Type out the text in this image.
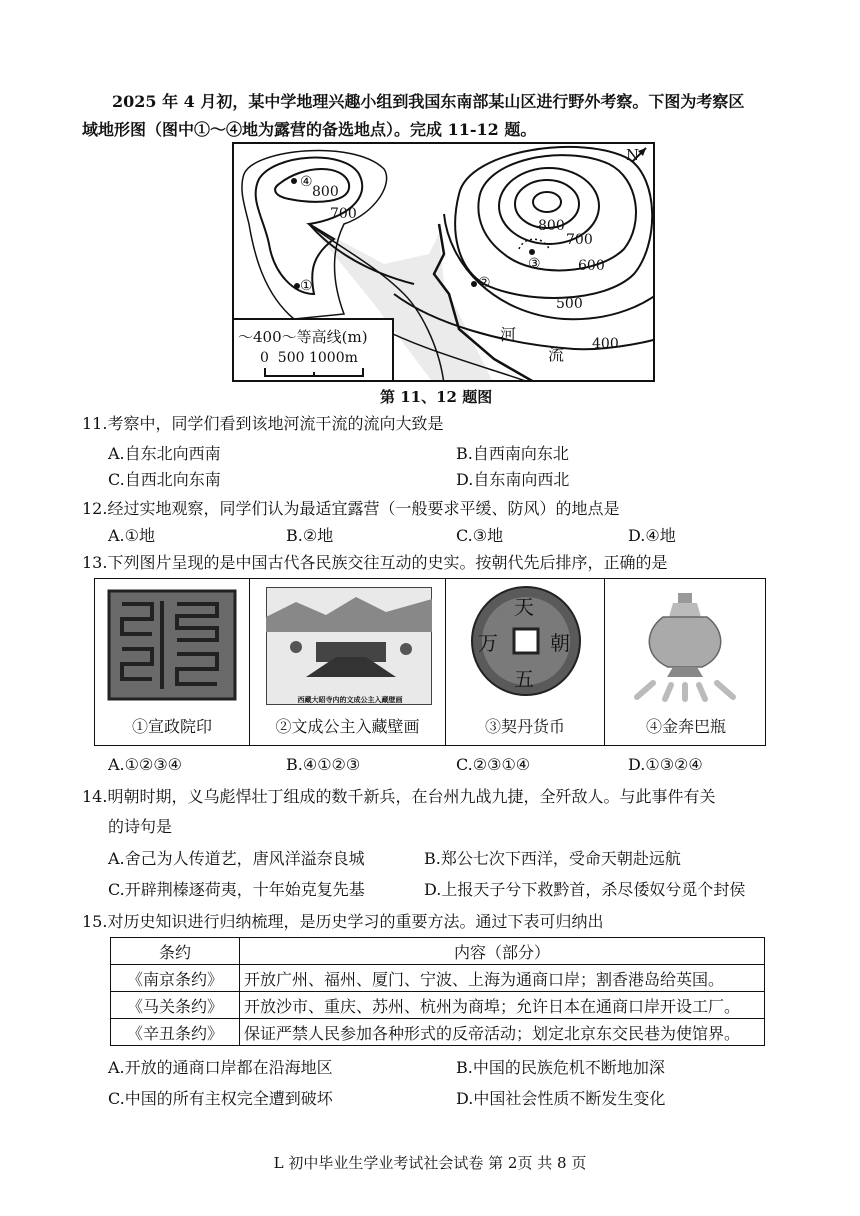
2025 年 4 月初，某中学地理兴趣小组到我国东南部某山区进行野外考察。下图为考察区
域地形图（图中①～④地为露营的备选地点）。完成 11-12 题。
N
800
700
800
700
600
500
400
④
①	②
③
河
流
～400～等高线(m)
0  500 1000m
第 11、12 题图
11.考察中，同学们看到该地河流干流的流向大致是
A.自东北向西南	B.自西南向东北
C.自西北向东南	D.自东南向西北
12.经过实地观察，同学们认为最适宜露营（一般要求平缓、防风）的地点是
A.①地	B.②地	C.③地	D.④地
13.下列图片呈现的是中国古代各民族交往互动的史实。按朝代先后排序，正确的是
①宣政院印
西藏大昭寺内的文成公主入藏壁画
②文成公主入藏壁画
天
朝
万
五
③契丹货币	④金奔巴瓶
A.①②③④	B.④①②③	C.②③①④	D.①③②④
14.明朝时期，义乌彪悍壮丁组成的数千新兵，在台州九战九捷，全歼敌人。与此事件有关
的诗句是
A.舍己为人传道艺，唐风洋溢奈良城	B.郑公七次下西洋，受命天朝赴远航
C.开辟荆榛逐荷夷，十年始克复先基	D.上报天子兮下救黔首，杀尽倭奴兮觅个封侯
15.对历史知识进行归纳梳理，是历史学习的重要方法。通过下表可归纳出
条约	内容（部分）
《南京条约》	开放广州、福州、厦门、宁波、上海为通商口岸；割香港岛给英国。
《马关条约》	开放沙市、重庆、苏州、杭州为商埠；允许日本在通商口岸开设工厂。
《辛丑条约》	保证严禁人民参加各种形式的反帝活动；划定北京东交民巷为使馆界。
A.开放的通商口岸都在沿海地区	B.中国的民族危机不断地加深
C.中国的所有主权完全遭到破坏	D.中国社会性质不断发生变化
L 初中毕业生学业考试社会试卷 第 2页 共 8 页
